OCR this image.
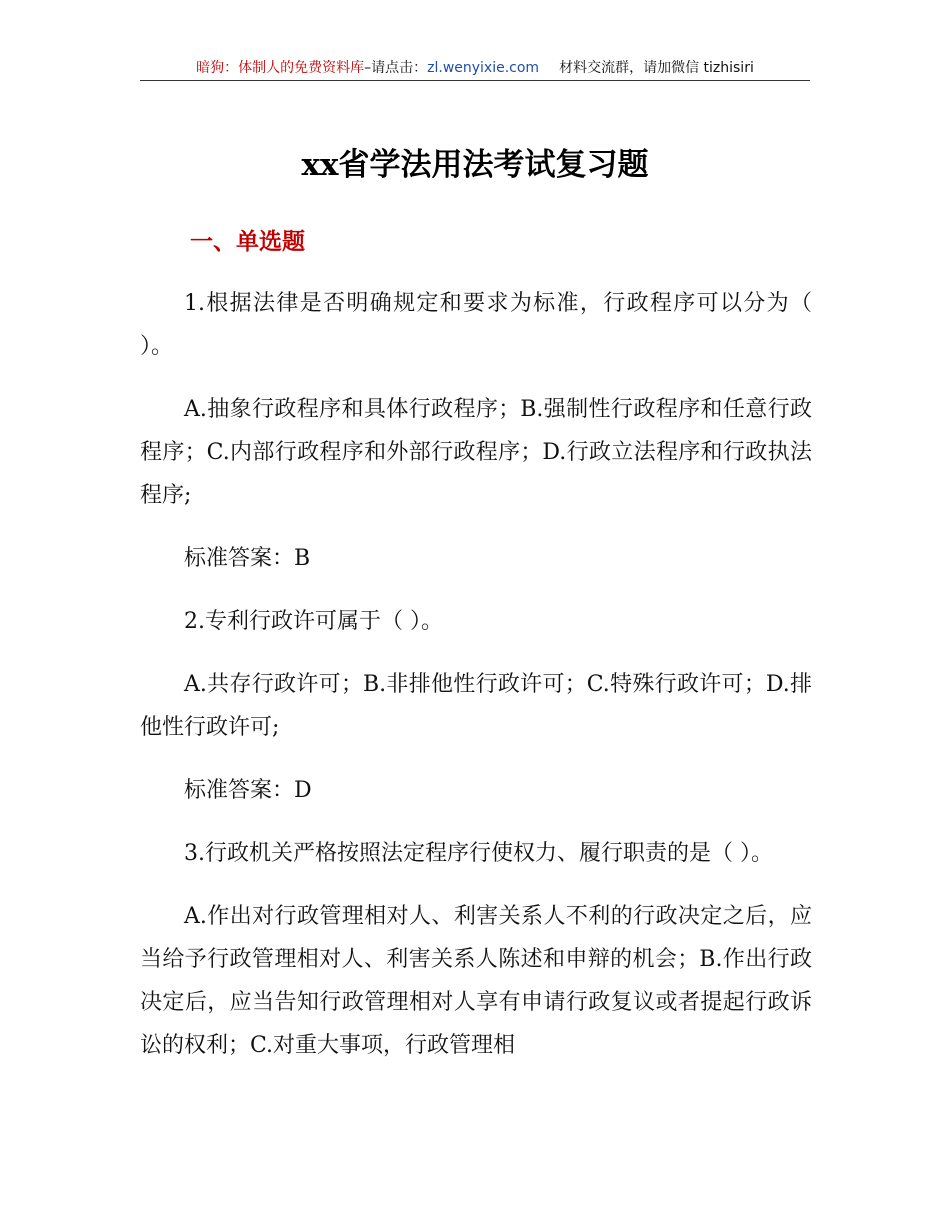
暗狗：体制人的免费资料库 –请点击： zl.wenyixie.com 材料交流群，请加微信 tizhisiri
xx省学法用法考试复习题
一、单选题

1.根据法律是否明确规定和要求为标准，行政程序可以分为（ ）。

A.抽象行政程序和具体行政程序；B.强制性行政程序和任意行政程序；C.内部行政程序和外部行政程序；D.行政立法程序和行政执法程序;

标准答案：B

2.专利行政许可属于（ ）。

A.共存行政许可；B.非排他性行政许可；C.特殊行政许可；D.排他性行政许可;

标准答案：D

3.行政机关严格按照法定程序行使权力、履行职责的是（ ）。

A.作出对行政管理相对人、利害关系人不利的行政决定之后，应当给予行政管理相对人、利害关系人陈述和申辩的机会；B.作出行政决定后，应当告知行政管理相对人享有申请行政复议或者提起行政诉讼的权利；C.对重大事项，行政管理相
